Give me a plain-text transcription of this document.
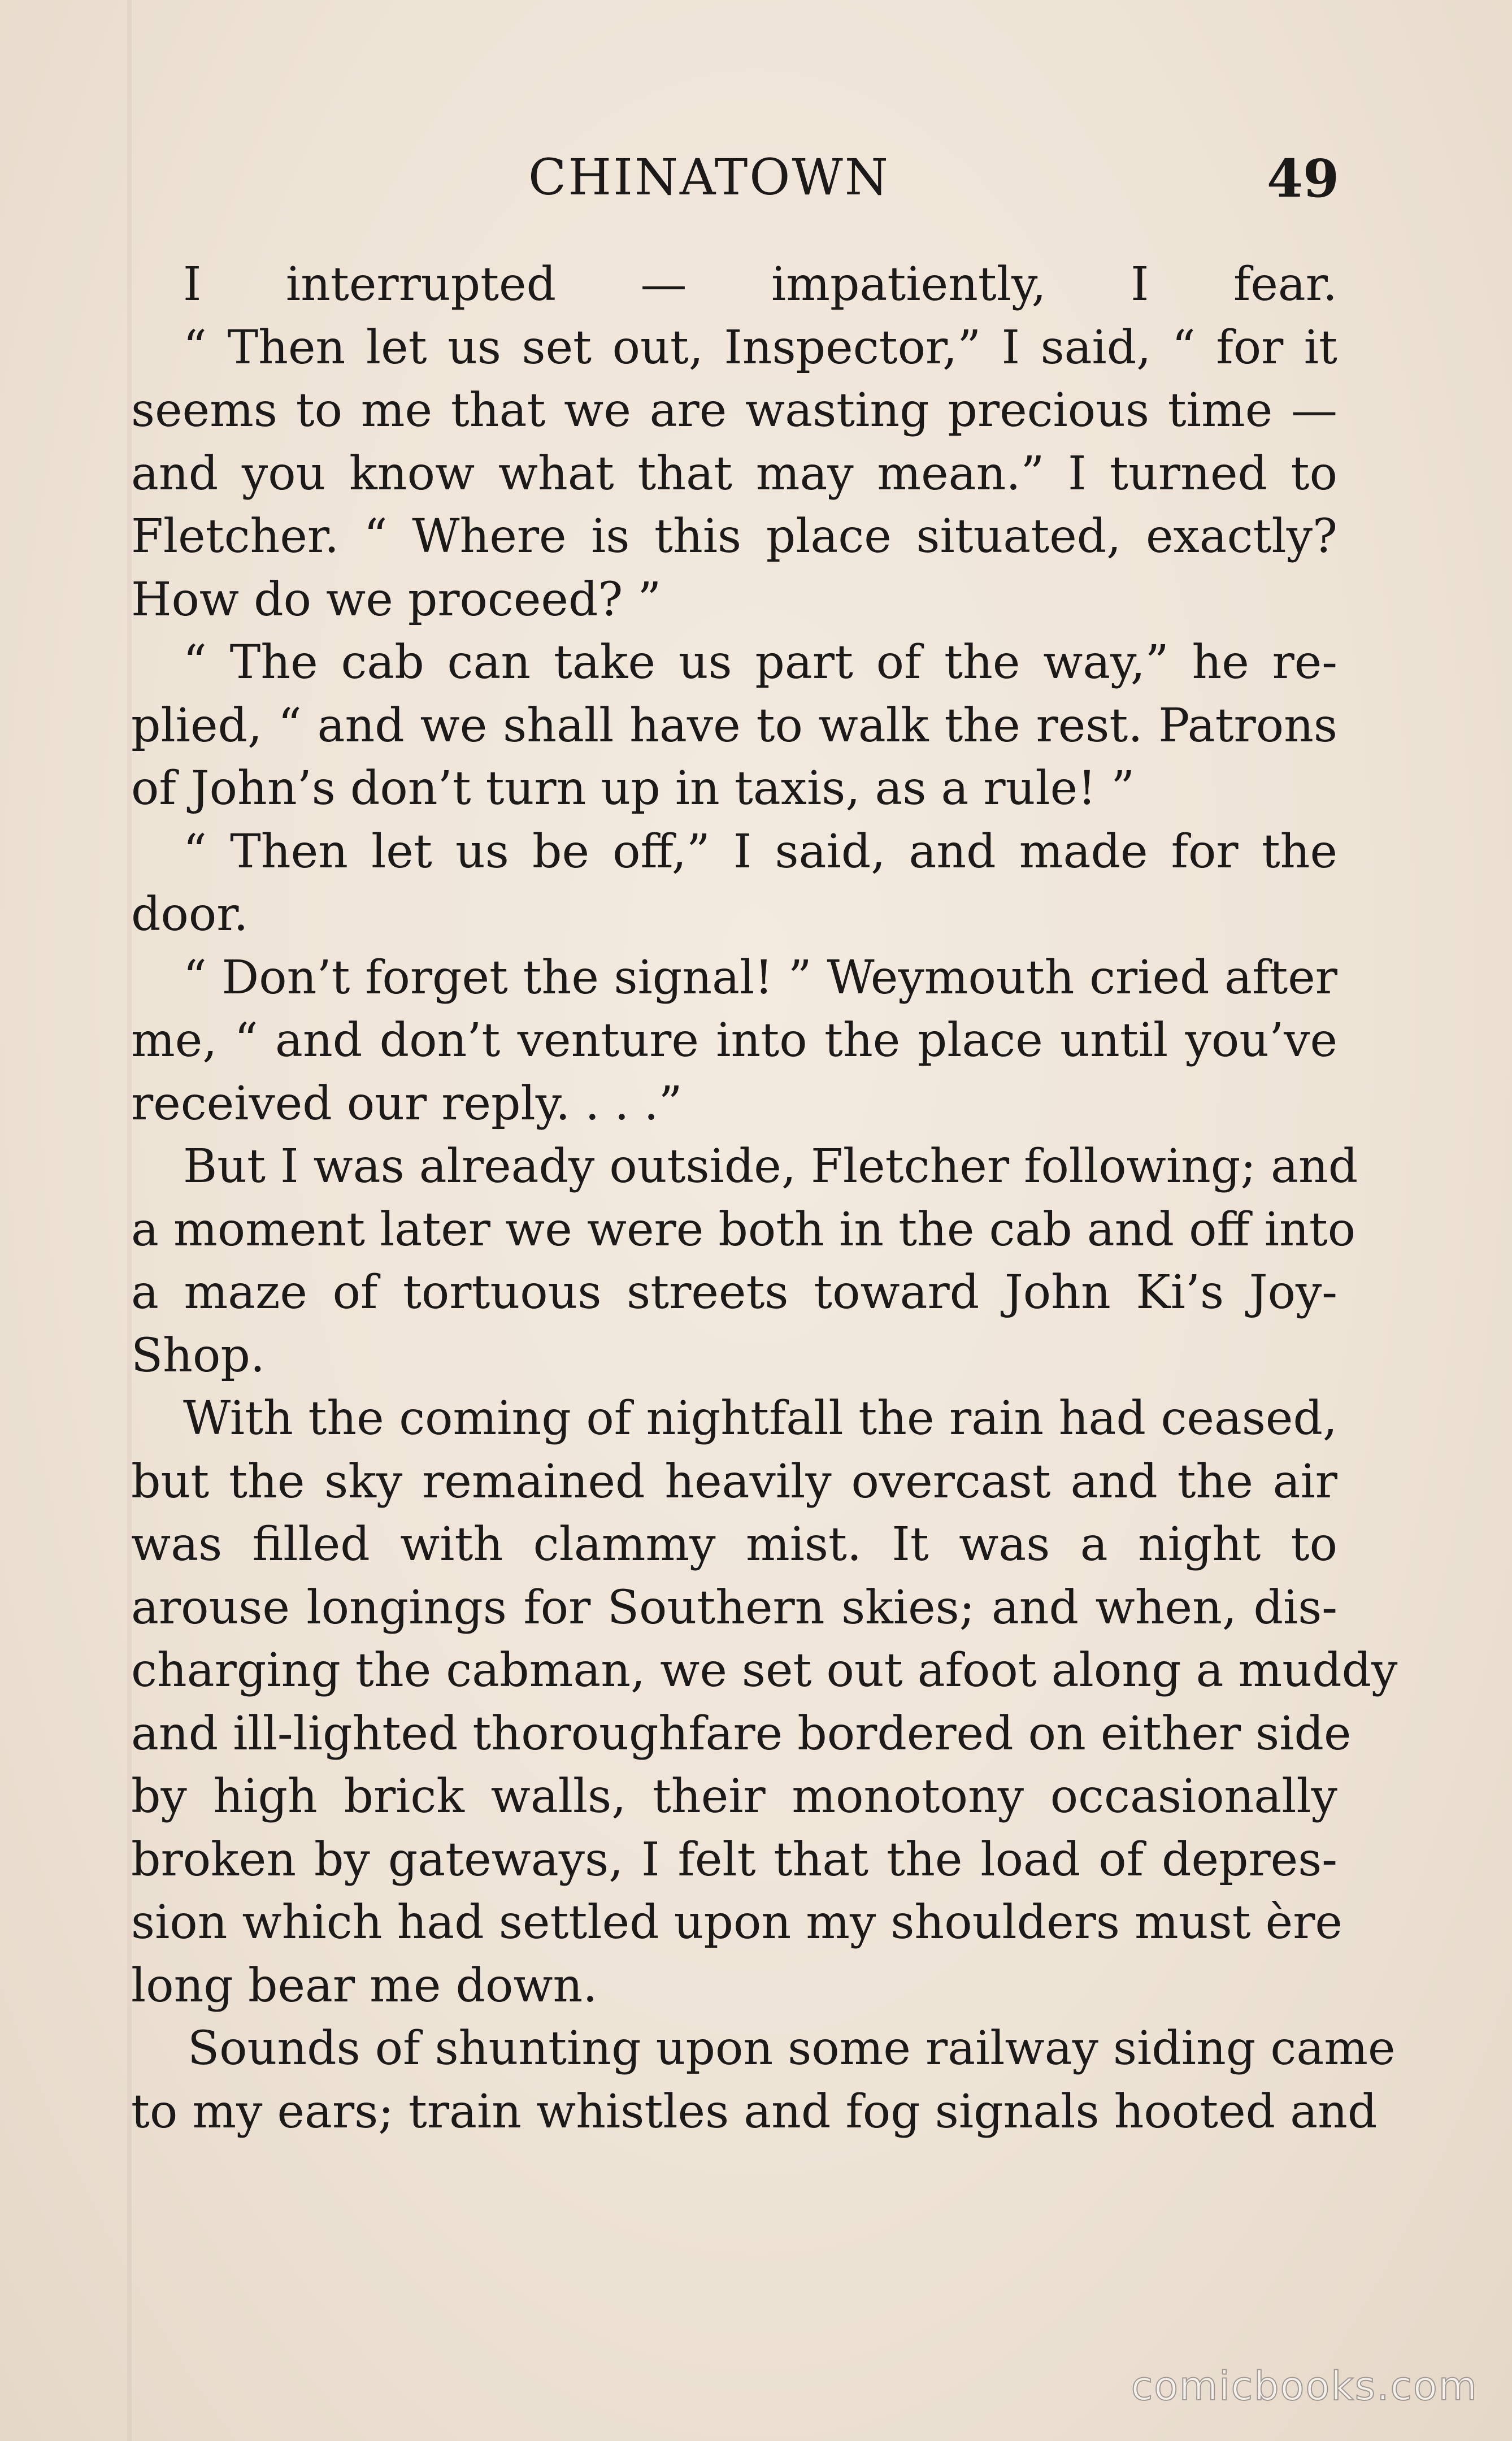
CHINATOWN	49
I interrupted — impatiently, I fear.
“ Then let us set out, Inspector,” I said, “ for it
seems to me that we are wasting precious time —
and you know what that may mean.” I turned to
Fletcher. “ Where is this place situated, exactly?
How do we proceed? ”
“ The cab can take us part of the way,” he re-
plied, “ and we shall have to walk the rest. Patrons
of John’s don’t turn up in taxis, as a rule! ”
“ Then let us be off,” I said, and made for the
door.
“ Don’t forget the signal! ” Weymouth cried after
me, “ and don’t venture into the place until you’ve
received our reply. . . .”
But I was already outside, Fletcher following; and
a moment later we were both in the cab and off into
a maze of tortuous streets toward John Ki’s Joy-
Shop.
With the coming of nightfall the rain had ceased,
but the sky remained heavily overcast and the air
was filled with clammy mist. It was a night to
arouse longings for Southern skies; and when, dis-
charging the cabman, we set out afoot along a muddy
and ill-lighted thoroughfare bordered on either side
by high brick walls, their monotony occasionally
broken by gateways, I felt that the load of depres-
sion which had settled upon my shoulders must ère
long bear me down.
Sounds of shunting upon some railway siding came
to my ears; train whistles and fog signals hooted and
comicbooks.com
